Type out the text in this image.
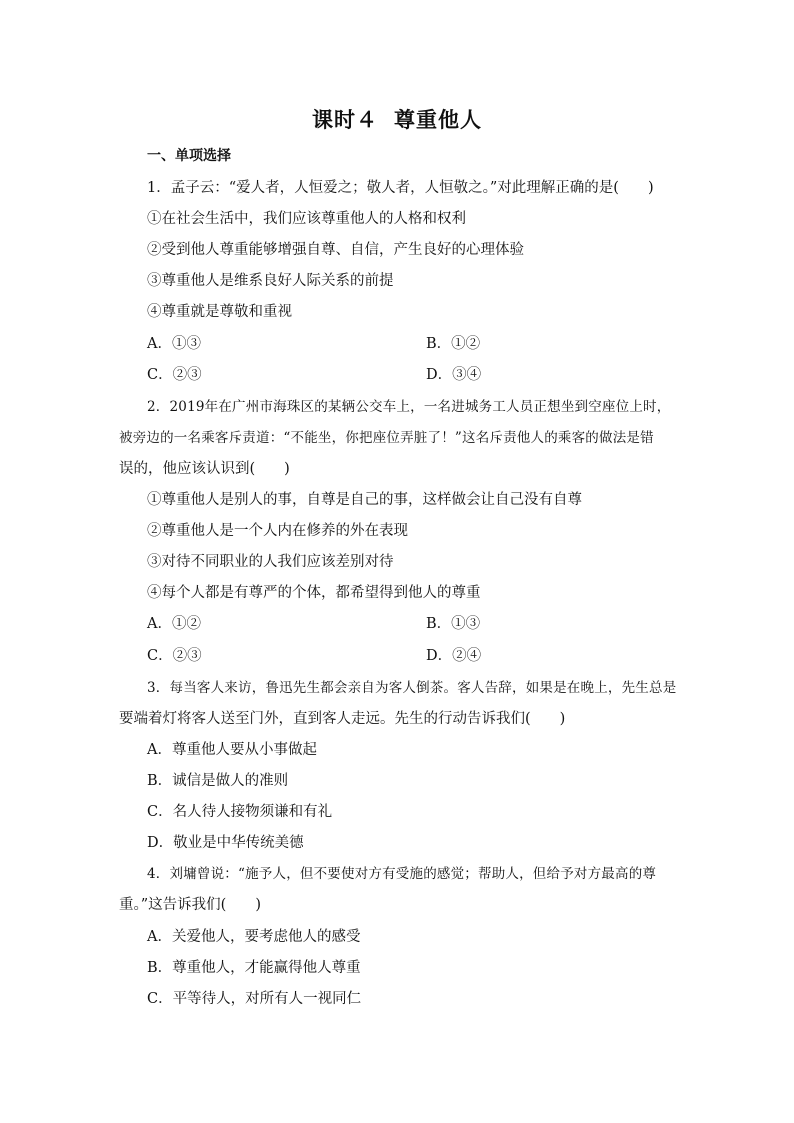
课时４ 尊重他人
一、单项选择
1．孟子云：“爱人者，人恒爱之；敬人者，人恒敬之。”对此理解正确的是(　　)
①在社会生活中，我们应该尊重他人的人格和权利
②受到他人尊重能够增强自尊、自信，产生良好的心理体验
③尊重他人是维系良好人际关系的前提
④尊重就是尊敬和重视
A．①③	B．①②
C．②③	D．③④
2．2019年在广州市海珠区的某辆公交车上，一名进城务工人员正想坐到空座位上时，
被旁边的一名乘客斥责道：“不能坐，你把座位弄脏了！”这名斥责他人的乘客的做法是错
误的，他应该认识到(　　)
①尊重他人是别人的事，自尊是自己的事，这样做会让自己没有自尊
②尊重他人是一个人内在修养的外在表现
③对待不同职业的人我们应该差别对待
④每个人都是有尊严的个体，都希望得到他人的尊重
A．①②	B．①③
C．②③	D．②④
3．每当客人来访，鲁迅先生都会亲自为客人倒茶。客人告辞，如果是在晚上，先生总是
要端着灯将客人送至门外，直到客人走远。先生的行动告诉我们(　　)
A．尊重他人要从小事做起
B．诚信是做人的准则
C．名人待人接物须谦和有礼
D．敬业是中华传统美德
4．刘墉曾说：“施予人，但不要使对方有受施的感觉；帮助人，但给予对方最高的尊
重。”这告诉我们(　　)
A．关爱他人，要考虑他人的感受
B．尊重他人，才能赢得他人尊重
C．平等待人，对所有人一视同仁
